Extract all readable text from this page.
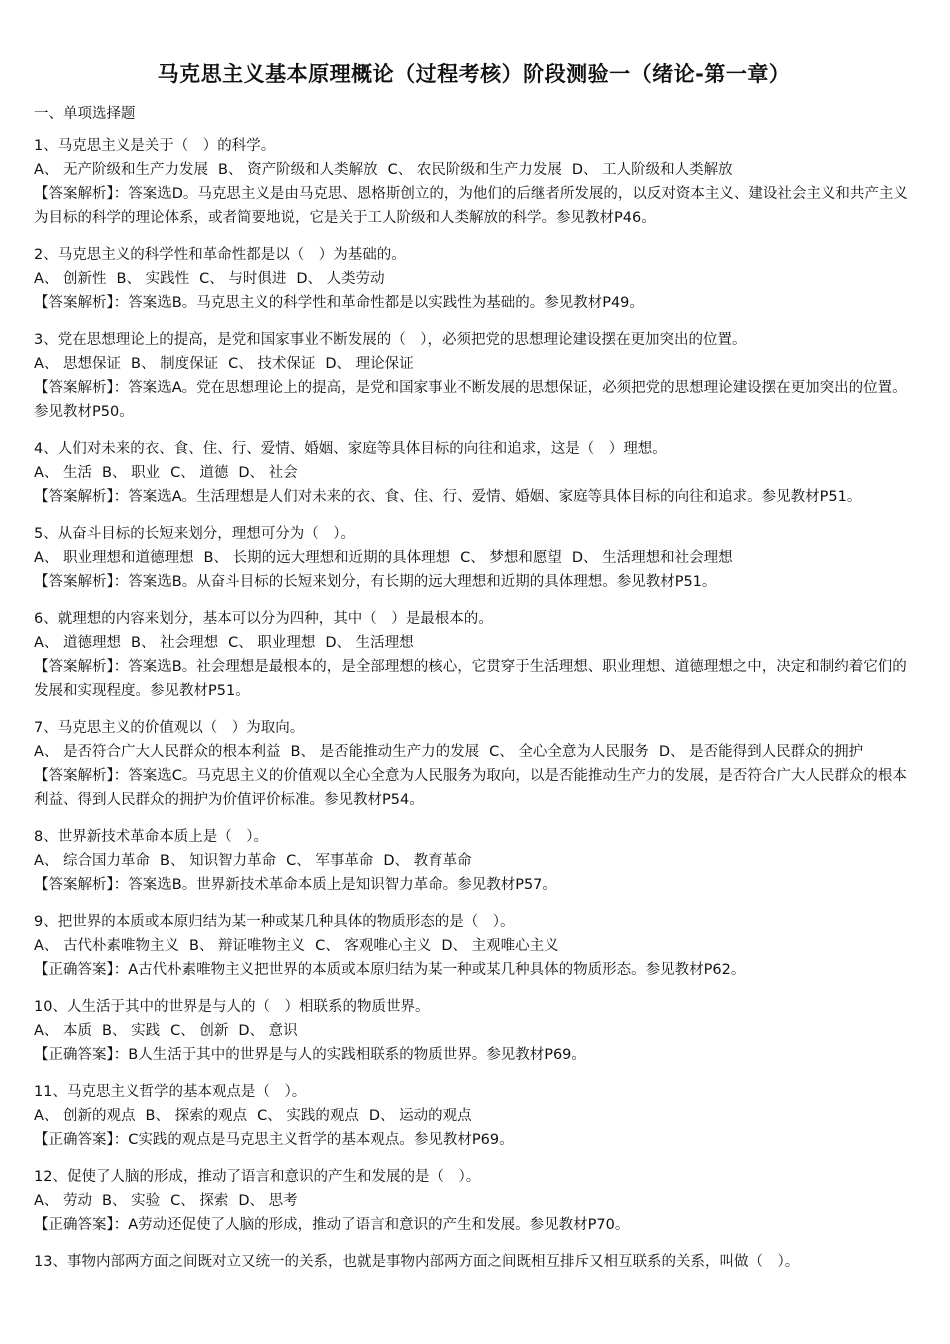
马克思主义基本原理概论（过程考核）阶段测验一（绪论-第一章）
一、单项选择题
1、马克思主义是关于（　）的科学。
A、 无产阶级和生产力发展 B、 资产阶级和人类解放 C、 农民阶级和生产力发展 D、 工人阶级和人类解放
【答案解析】：答案选D。马克思主义是由马克思、恩格斯创立的，为他们的后继者所发展的，以反对资本主义、建设社会主义和共产主义为目标的科学的理论体系，或者简要地说，它是关于工人阶级和人类解放的科学。参见教材P46。
2、马克思主义的科学性和革命性都是以（　）为基础的。
A、 创新性 B、 实践性 C、 与时俱进 D、 人类劳动
【答案解析】：答案选B。马克思主义的科学性和革命性都是以实践性为基础的。参见教材P49。
3、党在思想理论上的提高，是党和国家事业不断发展的（　），必须把党的思想理论建设摆在更加突出的位置。
A、 思想保证 B、 制度保证 C、 技术保证 D、 理论保证
【答案解析】：答案选A。党在思想理论上的提高，是党和国家事业不断发展的思想保证，必须把党的思想理论建设摆在更加突出的位置。参见教材P50。
4、人们对未来的衣、食、住、行、爱情、婚姻、家庭等具体目标的向往和追求，这是（　）理想。
A、 生活 B、 职业 C、 道德 D、 社会
【答案解析】：答案选A。生活理想是人们对未来的衣、食、住、行、爱情、婚姻、家庭等具体目标的向往和追求。参见教材P51。
5、从奋斗目标的长短来划分，理想可分为（　）。
A、 职业理想和道德理想 B、 长期的远大理想和近期的具体理想 C、 梦想和愿望 D、 生活理想和社会理想
【答案解析】：答案选B。从奋斗目标的长短来划分，有长期的远大理想和近期的具体理想。参见教材P51。
6、就理想的内容来划分，基本可以分为四种，其中（　）是最根本的。
A、 道德理想 B、 社会理想 C、 职业理想 D、 生活理想
【答案解析】：答案选B。社会理想是最根本的，是全部理想的核心，它贯穿于生活理想、职业理想、道德理想之中，决定和制约着它们的发展和实现程度。参见教材P51。
7、马克思主义的价值观以（　）为取向。
A、 是否符合广大人民群众的根本利益 B、 是否能推动生产力的发展 C、 全心全意为人民服务 D、 是否能得到人民群众的拥护
【答案解析】：答案选C。马克思主义的价值观以全心全意为人民服务为取向，以是否能推动生产力的发展，是否符合广大人民群众的根本利益、得到人民群众的拥护为价值评价标准。参见教材P54。
8、世界新技术革命本质上是（　）。
A、 综合国力革命 B、 知识智力革命 C、 军事革命 D、 教育革命
【答案解析】：答案选B。世界新技术革命本质上是知识智力革命。参见教材P57。
9、把世界的本质或本原归结为某一种或某几种具体的物质形态的是（　）。
A、 古代朴素唯物主义 B、 辩证唯物主义 C、 客观唯心主义 D、 主观唯心主义
【正确答案】：A古代朴素唯物主义把世界的本质或本原归结为某一种或某几种具体的物质形态。参见教材P62。
10、人生活于其中的世界是与人的（　）相联系的物质世界。
A、 本质 B、 实践 C、 创新 D、 意识
【正确答案】：B人生活于其中的世界是与人的实践相联系的物质世界。参见教材P69。
11、马克思主义哲学的基本观点是（　）。
A、 创新的观点 B、 探索的观点 C、 实践的观点 D、 运动的观点
【正确答案】：C实践的观点是马克思主义哲学的基本观点。参见教材P69。
12、促使了人脑的形成，推动了语言和意识的产生和发展的是（　）。
A、 劳动 B、 实验 C、 探索 D、 思考
【正确答案】：A劳动还促使了人脑的形成，推动了语言和意识的产生和发展。参见教材P70。
13、事物内部两方面之间既对立又统一的关系，也就是事物内部两方面之间既相互排斥又相互联系的关系，叫做（　）。
